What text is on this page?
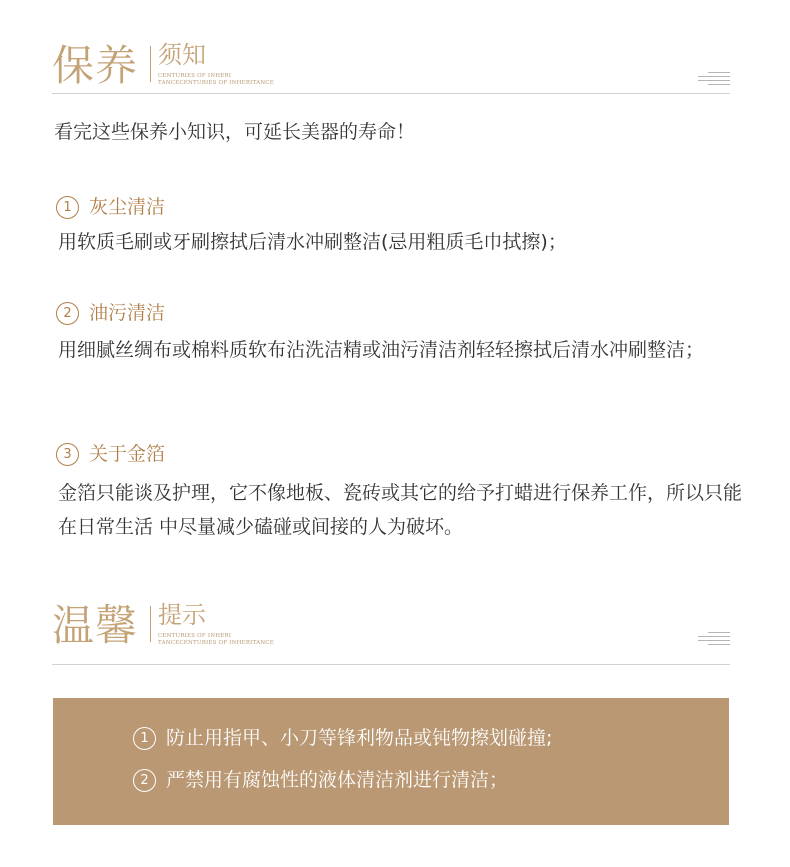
保养 须知
CENTURIES OF INHERI
TANCECENTURIES OF INHERITANCE
看完这些保养小知识，可延长美器的寿命！
1 灰尘清洁
用软质毛刷或牙刷擦拭后清水冲刷整洁(忌用粗质毛巾拭擦)；
2 油污清洁
用细腻丝绸布或棉料质软布沾洗洁精或油污清洁剂轻轻擦拭后清水冲刷整洁；
3 关于金箔
金箔只能谈及护理，它不像地板、瓷砖或其它的给予打蜡进行保养工作，所以只能在日常生活 中尽量减少磕碰或间接的人为破坏。
温馨 提示
CENTURIES OF INHERI
TANCECENTURIES OF INHERITANCE
1 防止用指甲、小刀等锋利物品或钝物擦划碰撞;
2 严禁用有腐蚀性的液体清洁剂进行清洁；
